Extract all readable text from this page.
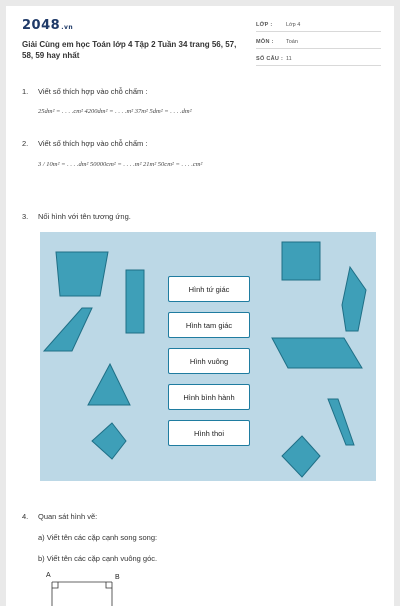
2048.vn
Giải Cùng em học Toán lớp 4 Tập 2 Tuần 34 trang 56, 57, 58, 59 hay nhất
LỚP : Lớp 4
MÔN : Toán
SỐ CÂU : 11
1. Viết số thích hợp vào chỗ chấm :
25dm² = . . . .cm² 4200dm² = . . . .m² 37m² 5dm² = . . . .dm²
2. Viết số thích hợp vào chỗ chấm :
3 / 10m² = . . . .dm² 50000cm² = . . . .m² 21m² 50cm² = . . . .cm²
3. Nối hình với tên tương ứng.
Hình tứ giác
Hình tam giác
Hình vuông
Hình bình hành
Hình thoi
4. Quan sát hình vẽ:
a) Viết tên các cặp cạnh song song:
b) Viết tên các cặp cạnh vuông góc.
A	B
